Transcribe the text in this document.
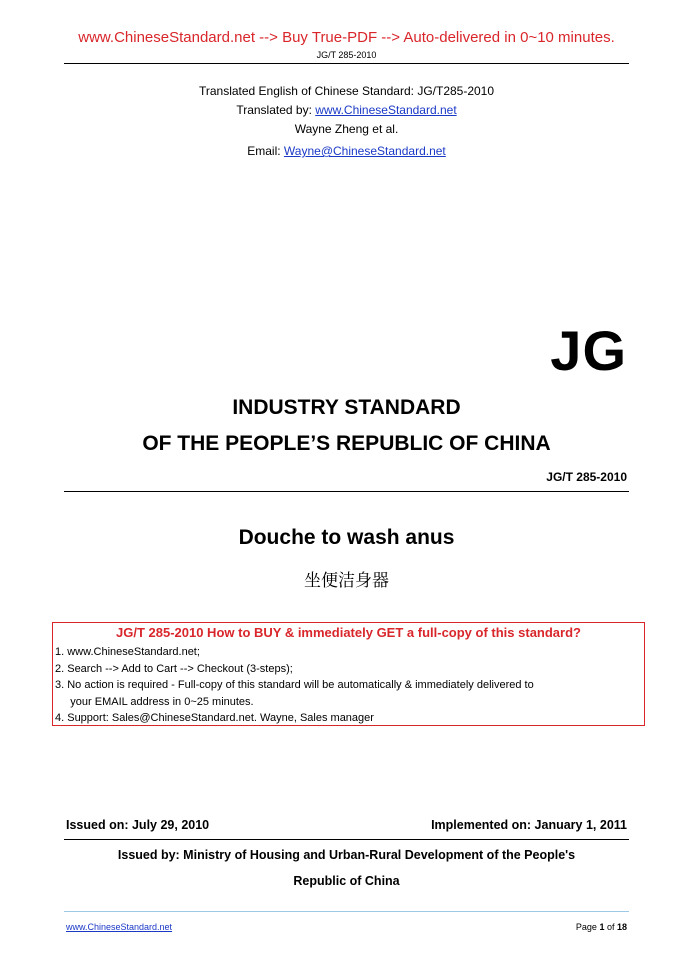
www.ChineseStandard.net --> Buy True-PDF --> Auto-delivered in 0~10 minutes.
JG/T 285-2010
Translated English of Chinese Standard: JG/T285-2010
Translated by: www.ChineseStandard.net
Wayne Zheng et al.
Email: Wayne@ChineseStandard.net
JG
INDUSTRY STANDARD
OF THE PEOPLE’S REPUBLIC OF CHINA
JG/T 285-2010
Douche to wash anus
坐便洁身器
JG/T 285-2010 How to BUY & immediately GET a full-copy of this standard?
1. www.ChineseStandard.net;
2. Search --> Add to Cart --> Checkout (3-steps);
3. No action is required - Full-copy of this standard will be automatically & immediately delivered to
your EMAIL address in 0~25 minutes.
4. Support: Sales@ChineseStandard.net. Wayne, Sales manager
Issued on: July 29, 2010	Implemented on: January 1, 2011
Issued by: Ministry of Housing and Urban-Rural Development of the People's
Republic of China
www.ChineseStandard.net	Page 1 of 18
